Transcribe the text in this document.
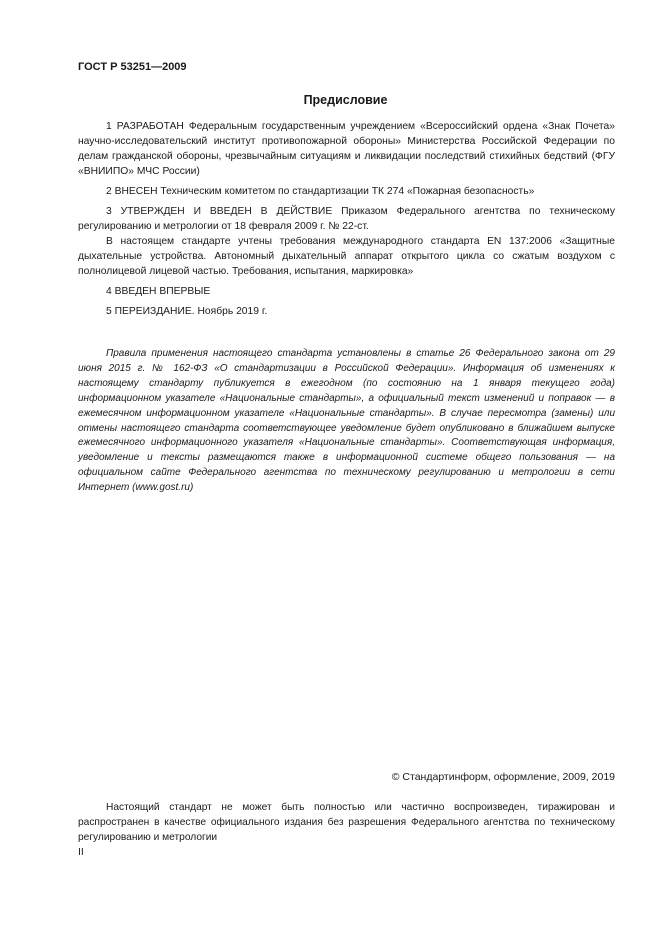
ГОСТ Р 53251—2009
Предисловие

1 РАЗРАБОТАН Федеральным государственным учреждением «Всероссийский ордена «Знак Почета» научно-исследовательский институт противопожарной обороны» Министерства Российской Федерации по делам гражданской обороны, чрезвычайным ситуациям и ликвидации последствий стихийных бедствий (ФГУ «ВНИИПО» МЧС России)

2 ВНЕСЕН Техническим комитетом по стандартизации ТК 274 «Пожарная безопасность»

3 УТВЕРЖДЕН И ВВЕДЕН В ДЕЙСТВИЕ Приказом Федерального агентства по техническому регулированию и метрологии от 18 февраля 2009 г. № 22-ст.

В настоящем стандарте учтены требования международного стандарта EN 137:2006 «Защитные дыхательные устройства. Автономный дыхательный аппарат открытого цикла со сжатым воздухом с полнолицевой лицевой частью. Требования, испытания, маркировка»

4 ВВЕДЕН ВПЕРВЫЕ

5 ПЕРЕИЗДАНИЕ. Ноябрь 2019 г.

Правила применения настоящего стандарта установлены в статье 26 Федерального закона от 29 июня 2015 г. № 162-ФЗ «О стандартизации в Российской Федерации». Информация об изменениях к настоящему стандарту публикуется в ежегодном (по состоянию на 1 января текущего года) информационном указателе «Национальные стандарты», а официальный текст изменений и поправок — в ежемесячном информационном указателе «Национальные стандарты». В случае пересмотра (замены) или отмены настоящего стандарта соответствующее уведомление будет опубликовано в ближайшем выпуске ежемесячного информационного указателя «Национальные стандарты». Соответствующая информация, уведомление и тексты размещаются также в информационной системе общего пользования — на официальном сайте Федерального агентства по техническому регулированию и метрологии в сети Интернет (www.gost.ru)

© Стандартинформ, оформление, 2009, 2019

Настоящий стандарт не может быть полностью или частично воспроизведен, тиражирован и распространен в качестве официального издания без разрешения Федерального агентства по техническому регулированию и метрологии

II
